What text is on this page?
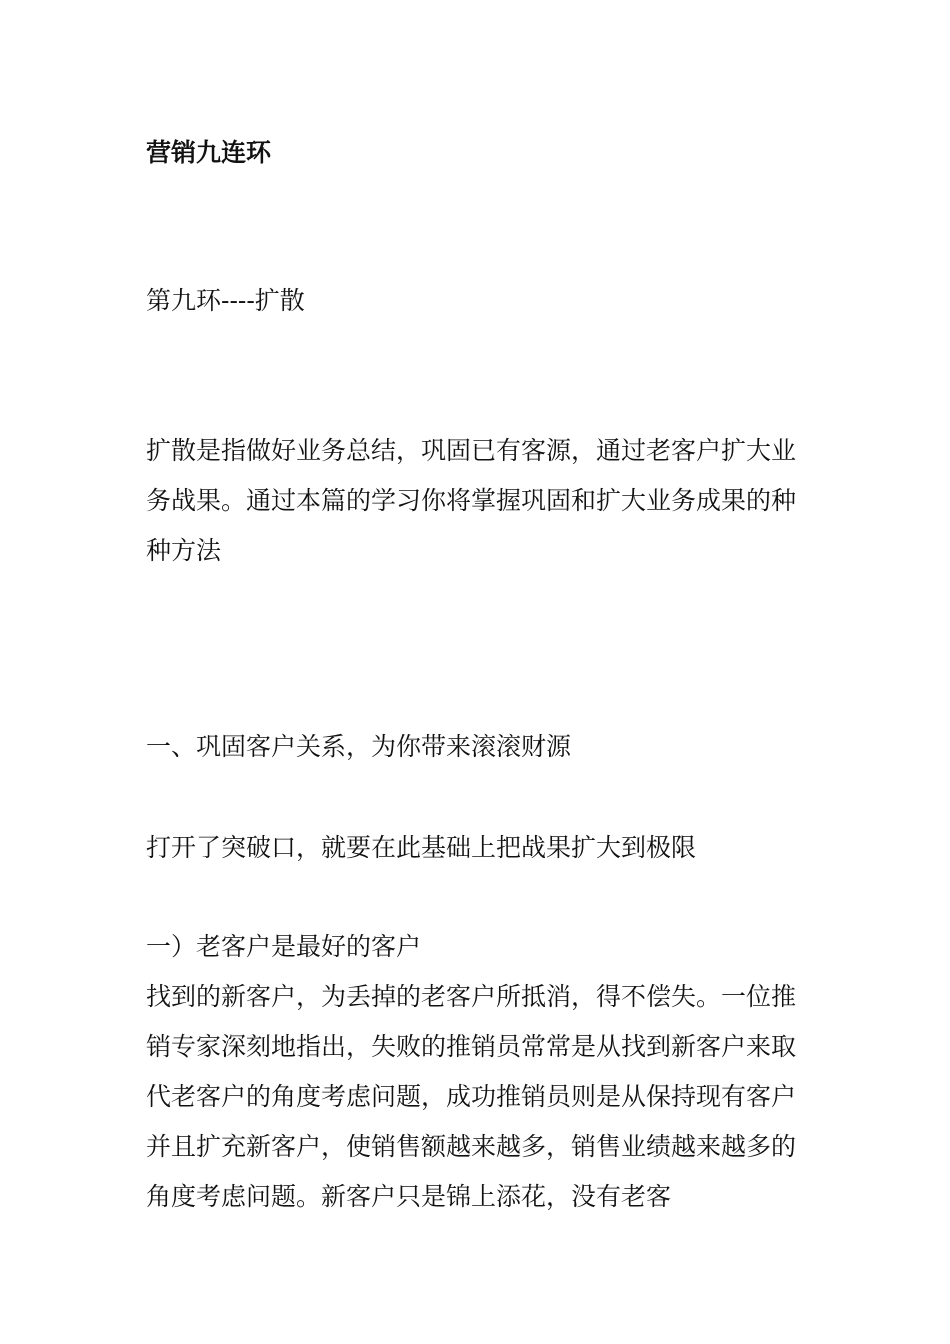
营销九连环
第九环----扩散
扩散是指做好业务总结，巩固已有客源，通过老客户扩大业务战果。通过本篇的学习你将掌握巩固和扩大业务成果的种种方法
一、巩固客户关系，为你带来滚滚财源
打开了突破口，就要在此基础上把战果扩大到极限
一）老客户是最好的客户
找到的新客户，为丢掉的老客户所抵消，得不偿失。一位推销专家深刻地指出，失败的推销员常常是从找到新客户来取代老客户的角度考虑问题，成功推销员则是从保持现有客户并且扩充新客户，使销售额越来越多，销售业绩越来越多的角度考虑问题。新客户只是锦上添花，没有老客
